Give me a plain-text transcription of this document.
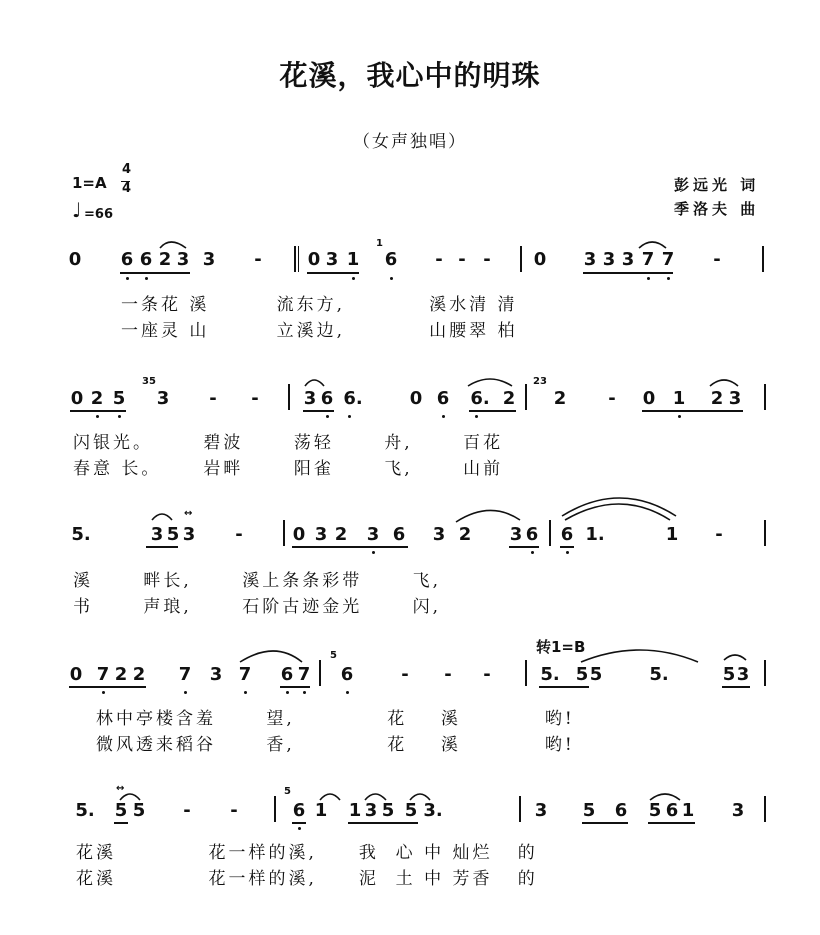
花溪，我心中的明珠
（女声独唱）
1=A
4
4
♩ =66
彭远光 词
季洛夫 曲
0 6 6 2 3 3 -	0 3 1
1
6 - - - 0 3 3 3 7 7 -
一条花 溪        流东方,          溪水清 清
一座灵 山        立溪边,          山腰翠 柏
0 2 5
35
3 - -	3 6 6.	0 6 6. 2
23
2 - 0 1 2 3
闪银光。      碧波      荡轻      舟,      百花
春意 长。     岩畔      阳雀      飞,      山前
5.	3 5 3 -	0 3 2 3 6 3 2 3 6 6 1.	1 -
↔
溪      畔长,      溪上条条彩带      飞,
书      声琅,      石阶古迹金光      闪,
转1=B
0 7 2 2 7 3 7 6 7
5
6	- - -	5. 5 5	5.	5 3
林中亭楼含羞      望,           花    溪          哟!
微风透来稻谷      香,           花    溪          哟!
5. 5 5 - -
5
6 1 1 3 5 5 3.	3 5 6 5 6 1 3
↔
花溪           花一样的溪,     我  心 中 灿烂   的
花溪           花一样的溪,     泥  土 中 芳香   的
